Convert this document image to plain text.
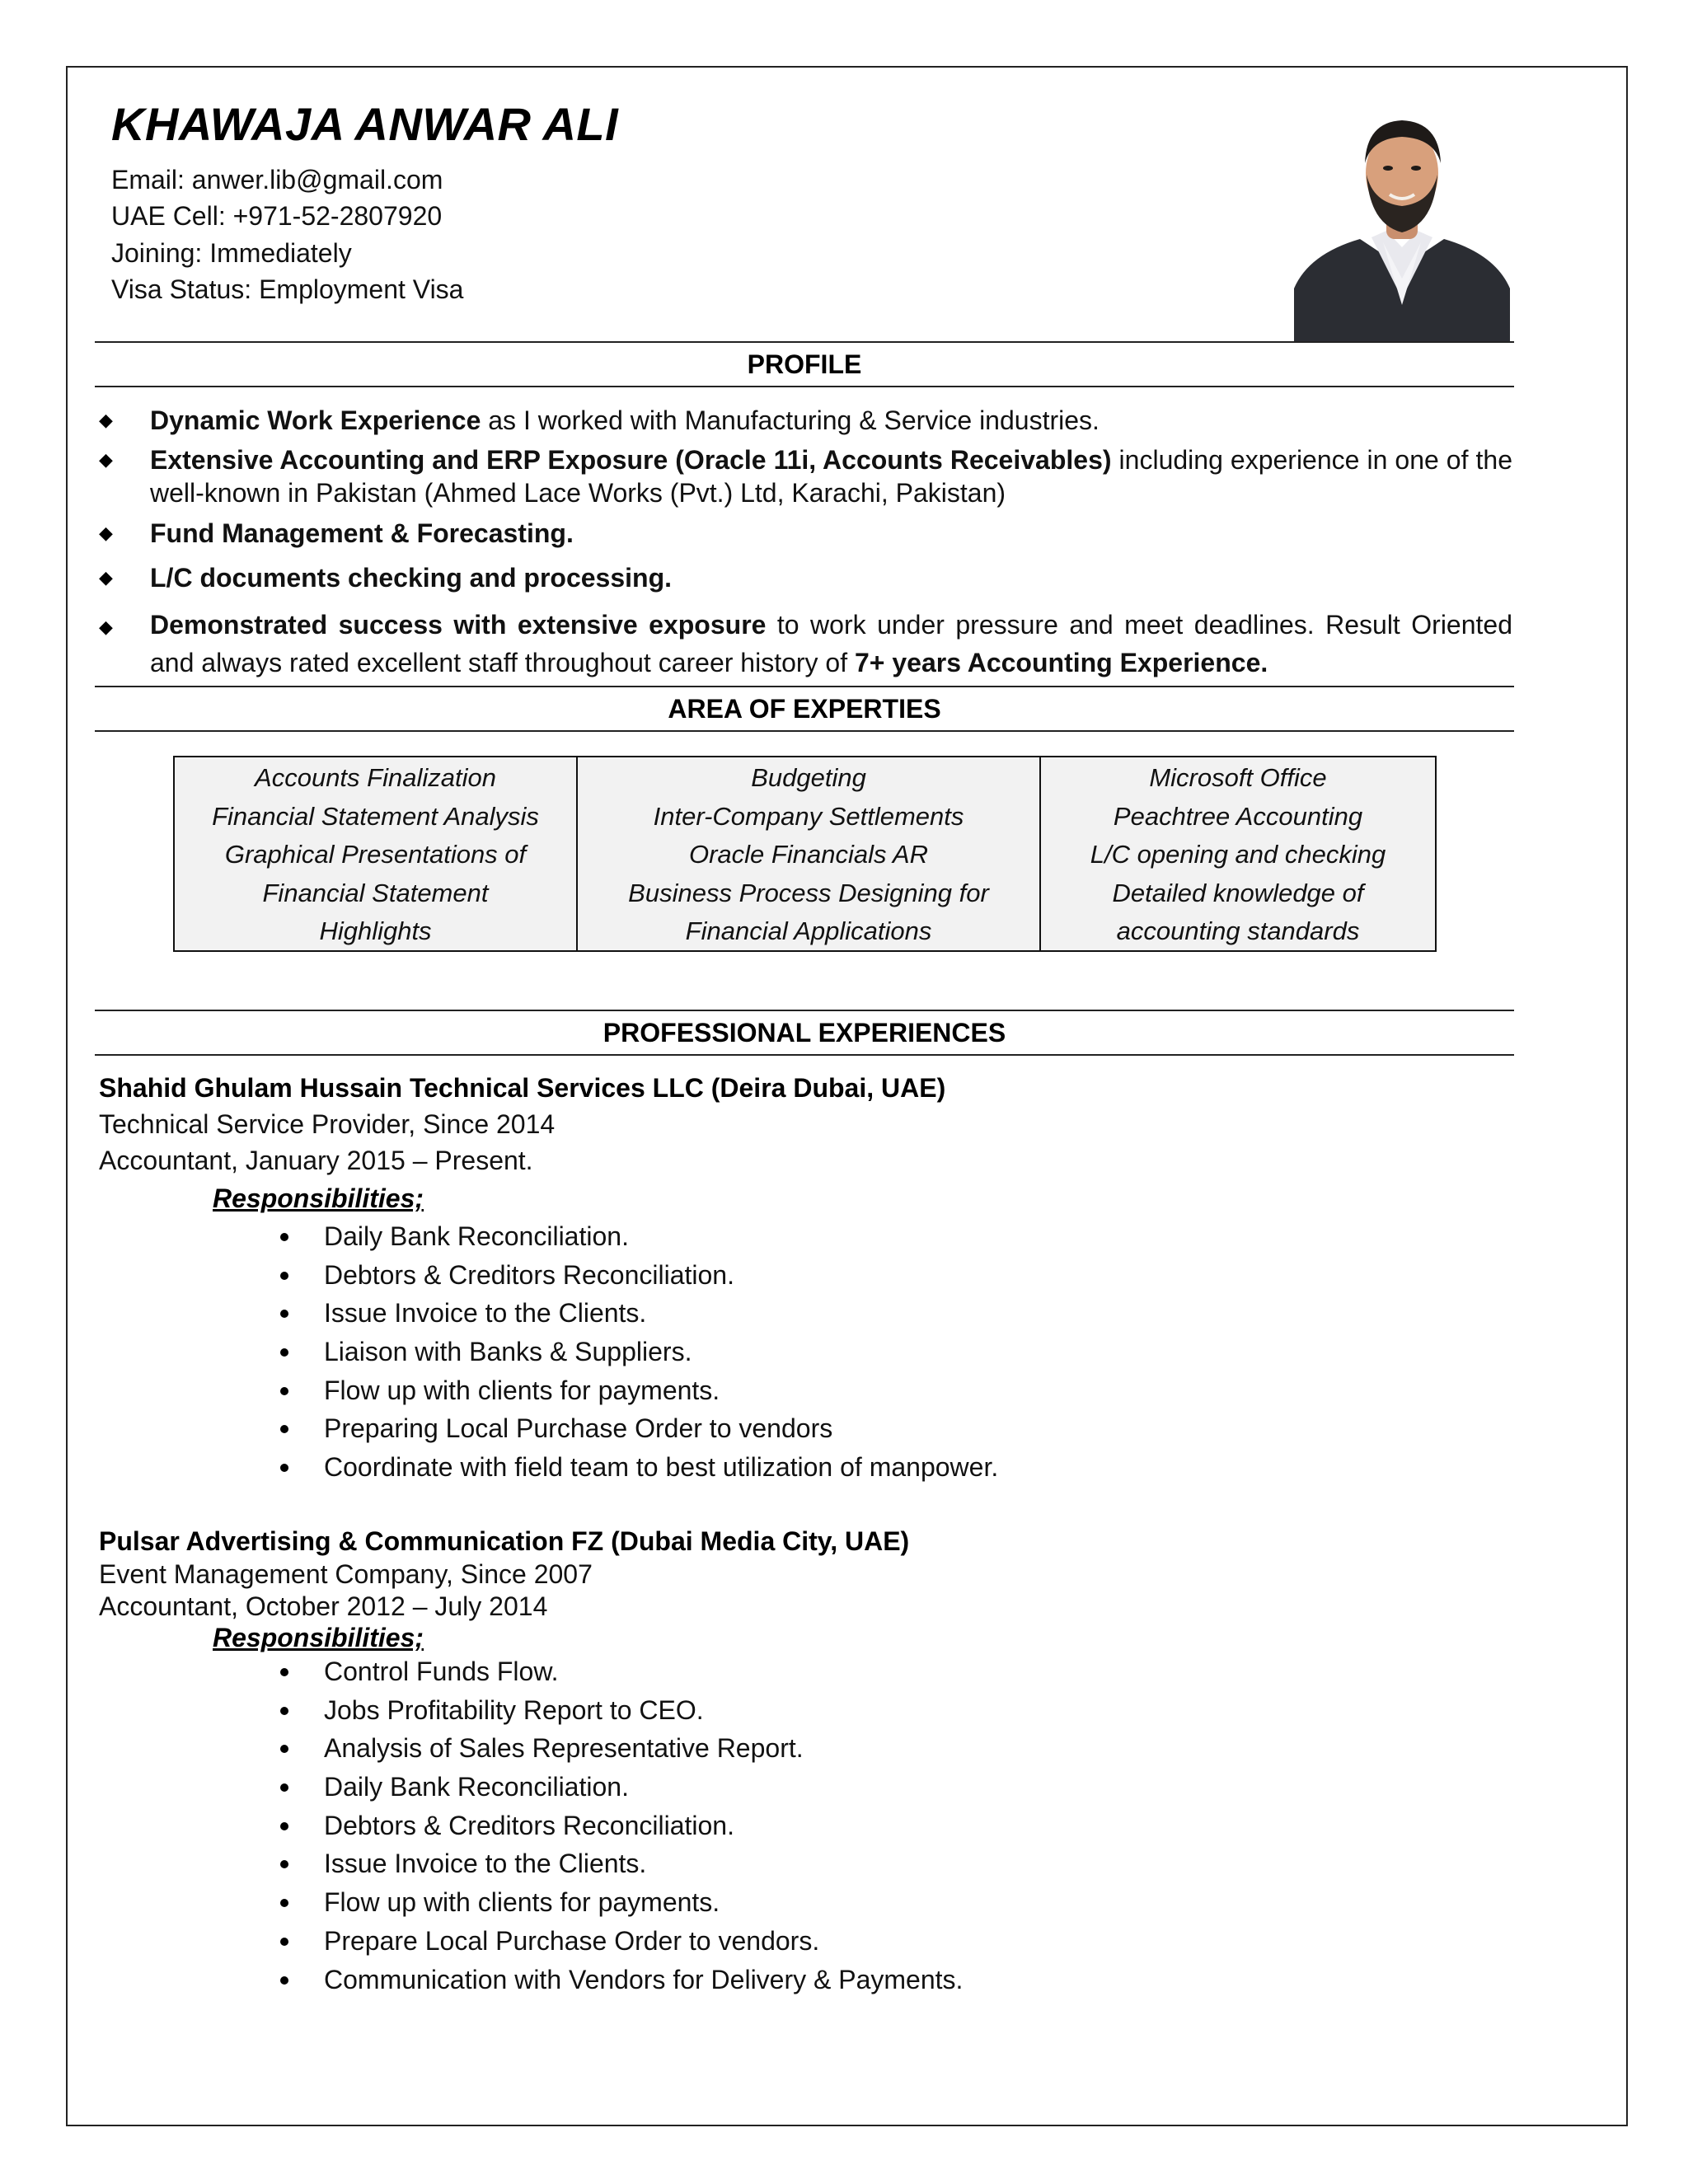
KHAWAJA ANWAR ALI
Email: anwer.lib@gmail.com
UAE Cell: +971-52-2807920
Joining: Immediately
Visa Status: Employment Visa
PROFILE
◆ Dynamic Work Experience as I worked with Manufacturing & Service industries.
◆ Extensive Accounting and ERP Exposure (Oracle 11i, Accounts Receivables) including experience in one of the well-known in Pakistan (Ahmed Lace Works (Pvt.) Ltd, Karachi, Pakistan)
◆ Fund Management & Forecasting.
◆ L/C documents checking and processing.
◆ Demonstrated success with extensive exposure to work under pressure and meet deadlines. Result Oriented and always rated excellent staff throughout career history of 7+ years Accounting Experience.
AREA OF EXPERTIES
Accounts Finalization
Financial Statement Analysis
Graphical Presentations of
Financial Statement
Highlights
Budgeting
Inter-Company Settlements
Oracle Financials AR
Business Process Designing for
Financial Applications
Microsoft Office
Peachtree Accounting
L/C opening and checking
Detailed knowledge of
accounting standards
PROFESSIONAL EXPERIENCES
Shahid Ghulam Hussain Technical Services LLC (Deira Dubai, UAE)
Technical Service Provider, Since 2014
Accountant, January 2015 – Present.
Responsibilities;
Daily Bank Reconciliation.
Debtors & Creditors Reconciliation.
Issue Invoice to the Clients.
Liaison with Banks & Suppliers.
Flow up with clients for payments.
Preparing Local Purchase Order to vendors
Coordinate with field team to best utilization of manpower.
Pulsar Advertising & Communication FZ (Dubai Media City, UAE)
Event Management Company, Since 2007
Accountant, October 2012 – July 2014
Responsibilities;
Control Funds Flow.
Jobs Profitability Report to CEO.
Analysis of Sales Representative Report.
Daily Bank Reconciliation.
Debtors & Creditors Reconciliation.
Issue Invoice to the Clients.
Flow up with clients for payments.
Prepare Local Purchase Order to vendors.
Communication with Vendors for Delivery & Payments.
